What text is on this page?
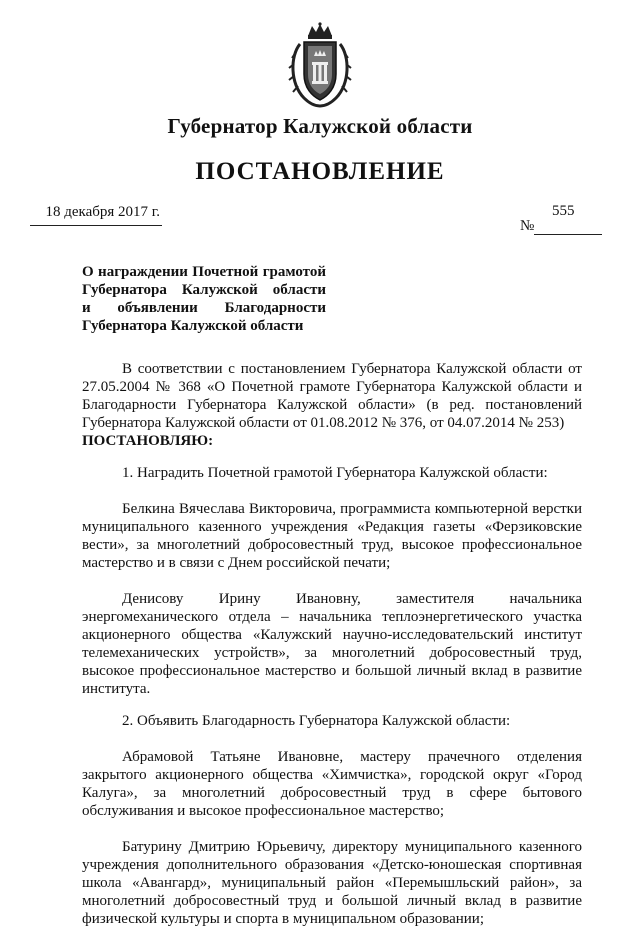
Губернатор Калужской области
ПОСТАНОВЛЕНИЕ
18 декабря 2017 г.
№
555
О награждении Почетной грамотой
Губернатора Калужской области
и объявлении Благодарности
Губернатора Калужской области

В соответствии с постановлением Губернатора Калужской области от 27.05.2004 № 368 «О Почетной грамоте Губернатора Калужской области и Благодарности Губернатора Калужской области» (в ред. постановлений Губернатора Калужской области от 01.08.2012 № 376, от 04.07.2014 № 253)

ПОСТАНОВЛЯЮ:

1. Наградить Почетной грамотой Губернатора Калужской области:

Белкина Вячеслава Викторовича, программиста компьютерной верстки муниципального казенного учреждения «Редакция газеты «Ферзиковские вести», за многолетний добросовестный труд, высокое профессиональное мастерство и в связи с Днем российской печати;

Денисову Ирину Ивановну, заместителя начальника энергомеханического отдела – начальника теплоэнергетического участка акционерного общества «Калужский научно-исследовательский институт телемеханических устройств», за многолетний добросовестный труд, высокое профессиональное мастерство и большой личный вклад в развитие института.

2. Объявить Благодарность Губернатора Калужской области:

Абрамовой Татьяне Ивановне, мастеру прачечного отделения закрытого акционерного общества «Химчистка», городской округ «Город Калуга», за многолетний добросовестный труд в сфере бытового обслуживания и высокое профессиональное мастерство;

Батурину Дмитрию Юрьевичу, директору муниципального казенного учреждения дополнительного образования «Детско-юношеская спортивная школа «Авангард», муниципальный район «Перемышльский район», за многолетний добросовестный труд и большой личный вклад в развитие физической культуры и спорта в муниципальном образовании;
